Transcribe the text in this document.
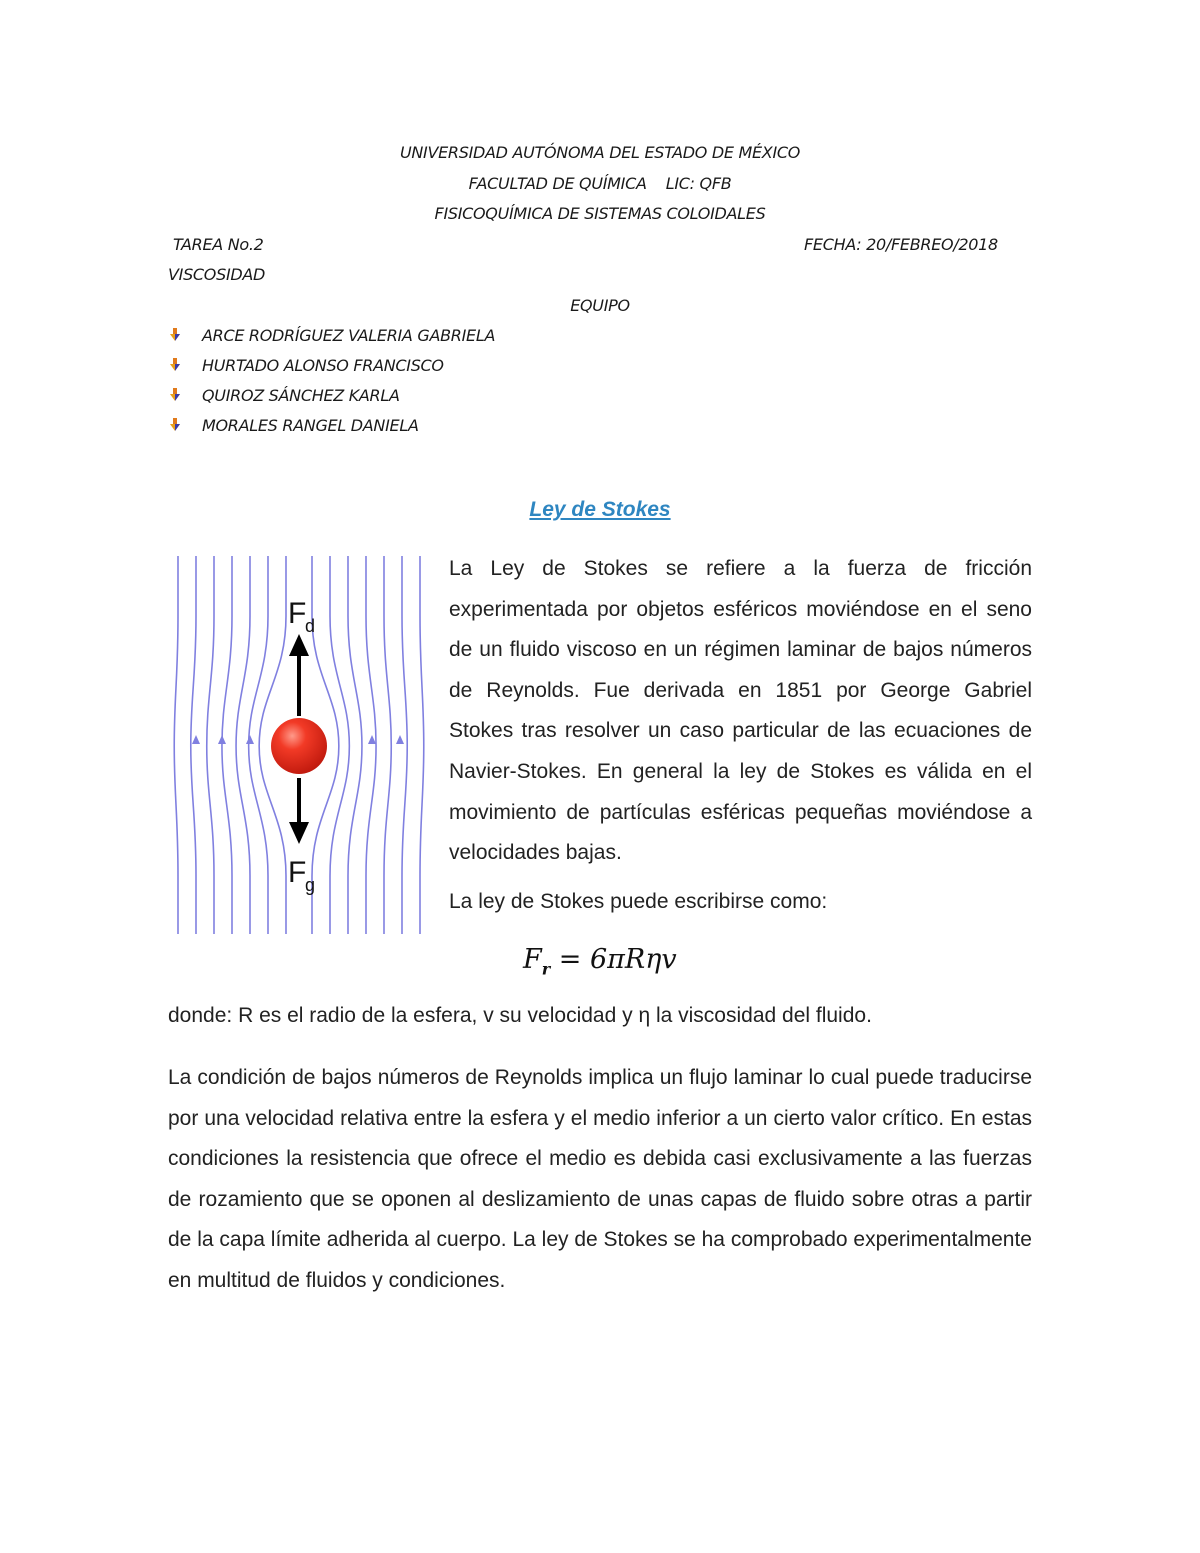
UNIVERSIDAD AUTÓNOMA DEL ESTADO DE MÉXICO
FACULTAD DE QUÍMICA    LIC: QFB
FISICOQUÍMICA DE SISTEMAS COLOIDALES
TAREA No.2	FECHA: 20/FEBREO/2018
VISCOSIDAD
EQUIPO
ARCE RODRÍGUEZ VALERIA GABRIELA
HURTADO ALONSO FRANCISCO
QUIROZ SÁNCHEZ KARLA
MORALES RANGEL DANIELA
Ley de Stokes
F
d
F
g

La Ley de Stokes se refiere a la fuerza de fricción experimentada por objetos esféricos moviéndose en el seno de un fluido viscoso en un régimen laminar de bajos números de Reynolds. Fue derivada en 1851 por George Gabriel Stokes tras resolver un caso particular de las ecuaciones de Navier-Stokes. En general la ley de Stokes es válida en el movimiento de partículas esféricas pequeñas moviéndose a velocidades bajas.

La ley de Stokes puede escribirse como:

$F_r = 6\pi R\eta v$

donde: R es el radio de la esfera, v su velocidad y η la viscosidad del fluido.

La condición de bajos números de Reynolds implica un flujo laminar lo cual puede traducirse por una velocidad relativa entre la esfera y el medio inferior a un cierto valor crítico. En estas condiciones la resistencia que ofrece el medio es debida casi exclusivamente a las fuerzas de rozamiento que se oponen al deslizamiento de unas capas de fluido sobre otras a partir de la capa límite adherida al cuerpo. La ley de Stokes se ha comprobado experimentalmente en multitud de fluidos y condiciones.
